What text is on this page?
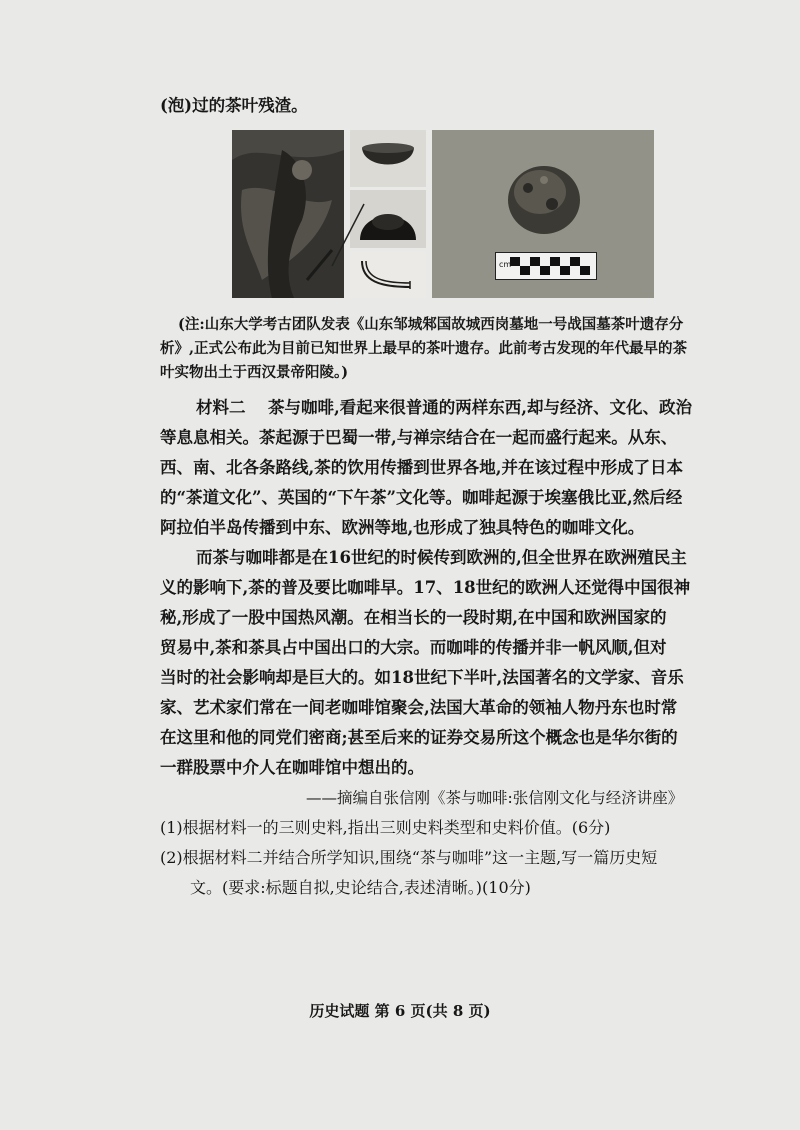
(泡)过的茶叶残渣。
cm
(注:山东大学考古团队发表《山东邹城邾国故城西岗墓地一号战国墓茶叶遗存分
析》,正式公布此为目前已知世界上最早的茶叶遗存。此前考古发现的年代最早的茶
叶实物出土于西汉景帝阳陵。)
材料二 茶与咖啡,看起来很普通的两样东西,却与经济、文化、政治
等息息相关。茶起源于巴蜀一带,与禅宗结合在一起而盛行起来。从东、
西、南、北各条路线,茶的饮用传播到世界各地,并在该过程中形成了日本
的“茶道文化”、英国的“下午茶”文化等。咖啡起源于埃塞俄比亚,然后经
阿拉伯半岛传播到中东、欧洲等地,也形成了独具特色的咖啡文化。
而茶与咖啡都是在16世纪的时候传到欧洲的,但全世界在欧洲殖民主
义的影响下,茶的普及要比咖啡早。17、18世纪的欧洲人还觉得中国很神
秘,形成了一股中国热风潮。在相当长的一段时期,在中国和欧洲国家的
贸易中,茶和茶具占中国出口的大宗。而咖啡的传播并非一帆风顺,但对
当时的社会影响却是巨大的。如18世纪下半叶,法国著名的文学家、音乐
家、艺术家们常在一间老咖啡馆聚会,法国大革命的领袖人物丹东也时常
在这里和他的同党们密商;甚至后来的证券交易所这个概念也是华尔街的
一群股票中介人在咖啡馆中想出的。
——摘编自张信刚《茶与咖啡:张信刚文化与经济讲座》
(1)根据材料一的三则史料,指出三则史料类型和史料价值。(6分)
(2)根据材料二并结合所学知识,围绕“茶与咖啡”这一主题,写一篇历史短
文。(要求:标题自拟,史论结合,表述清晰。)(10分)
历史试题 第 6 页(共 8 页)
